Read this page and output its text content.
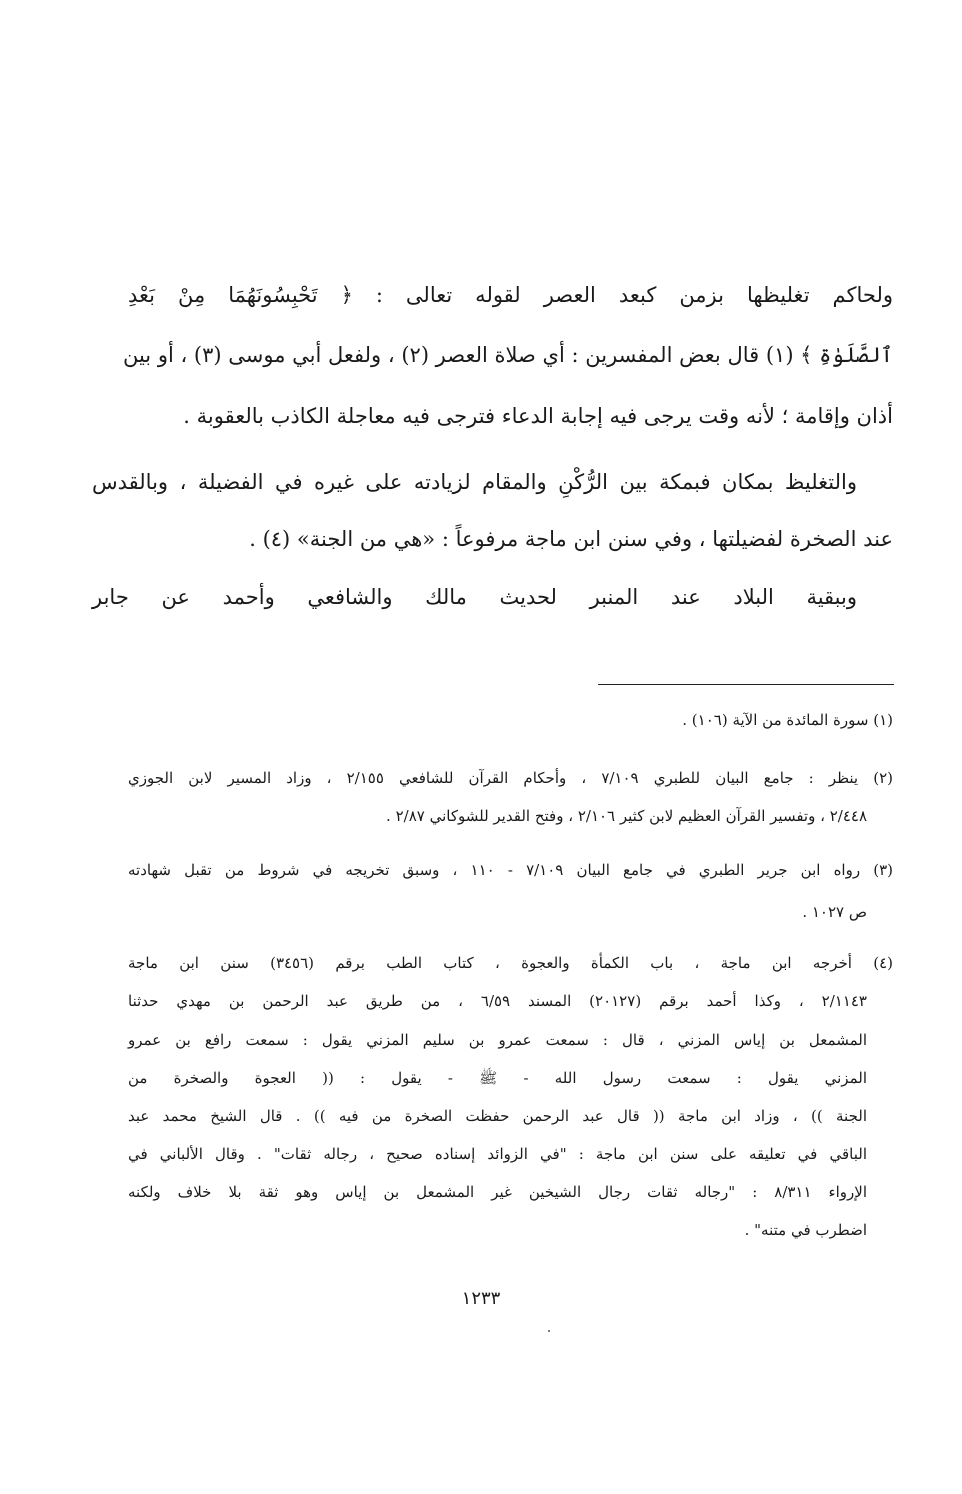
ولحاكم تغليظها بزمن كبعد العصر لقوله تعالى : ﴿ تَحْبِسُونَهُمَا مِنْ بَعْدِ

ٱلصَّلَوٰةِ ﴾ (١) قال بعض المفسرين : أي صلاة العصر (٢) ، ولفعل أبي موسى (٣) ، أو بين

أذان وإقامة ؛ لأنه وقت يرجى فيه إجابة الدعاء فترجى فيه معاجلة الكاذب بالعقوبة .

والتغليظ بمكان فبمكة بين الرُّكْنِ والمقام لزيادته على غيره في الفضيلة ، وبالقدس

عند الصخرة لفضيلتها ، وفي سنن ابن ماجة مرفوعاً : «هي من الجنة» (٤) .

وببقية البلاد عند المنبر لحديث مالك والشافعي وأحمد عن جابر

(١) سورة المائدة من الآية (١٠٦) .
(٢) ينظر : جامع البيان للطبري ٧/١٠٩ ، وأحكام القرآن للشافعي ٢/١٥٥ ، وزاد المسير لابن الجوزي
٢/٤٤٨ ، وتفسير القرآن العظيم لابن كثير ٢/١٠٦ ، وفتح القدير للشوكاني ٢/٨٧ .
(٣) رواه ابن جرير الطبري في جامع البيان ٧/١٠٩ - ١١٠ ، وسبق تخريجه في شروط من تقبل شهادته
ص ١٠٢٧ .
(٤) أخرجه ابن ماجة ، باب الكمأة والعجوة ، كتاب الطب برقم (٣٤٥٦) سنن ابن ماجة
٢/١١٤٣ ، وكذا أحمد برقم (٢٠١٢٧) المسند ٦/٥٩ ، من طريق عبد الرحمن بن مهدي حدثنا
المشمعل بن إياس المزني ، قال : سمعت عمرو بن سليم المزني يقول : سمعت رافع بن عمرو
المزني يقول : سمعت رسول الله - ﷺ - يقول : (( العجوة والصخرة من
الجنة )) ، وزاد ابن ماجة (( قال عبد الرحمن حفظت الصخرة من فيه )) . قال الشيخ محمد عبد
الباقي في تعليقه على سنن ابن ماجة : "في الزوائد إسناده صحيح ، رجاله ثقات" . وقال الألباني في
الإرواء ٨/٣١١ : "رجاله ثقات رجال الشيخين غير المشمعل بن إياس وهو ثقة بلا خلاف ولكنه
اضطرب في متنه" .
١٢٣٣
